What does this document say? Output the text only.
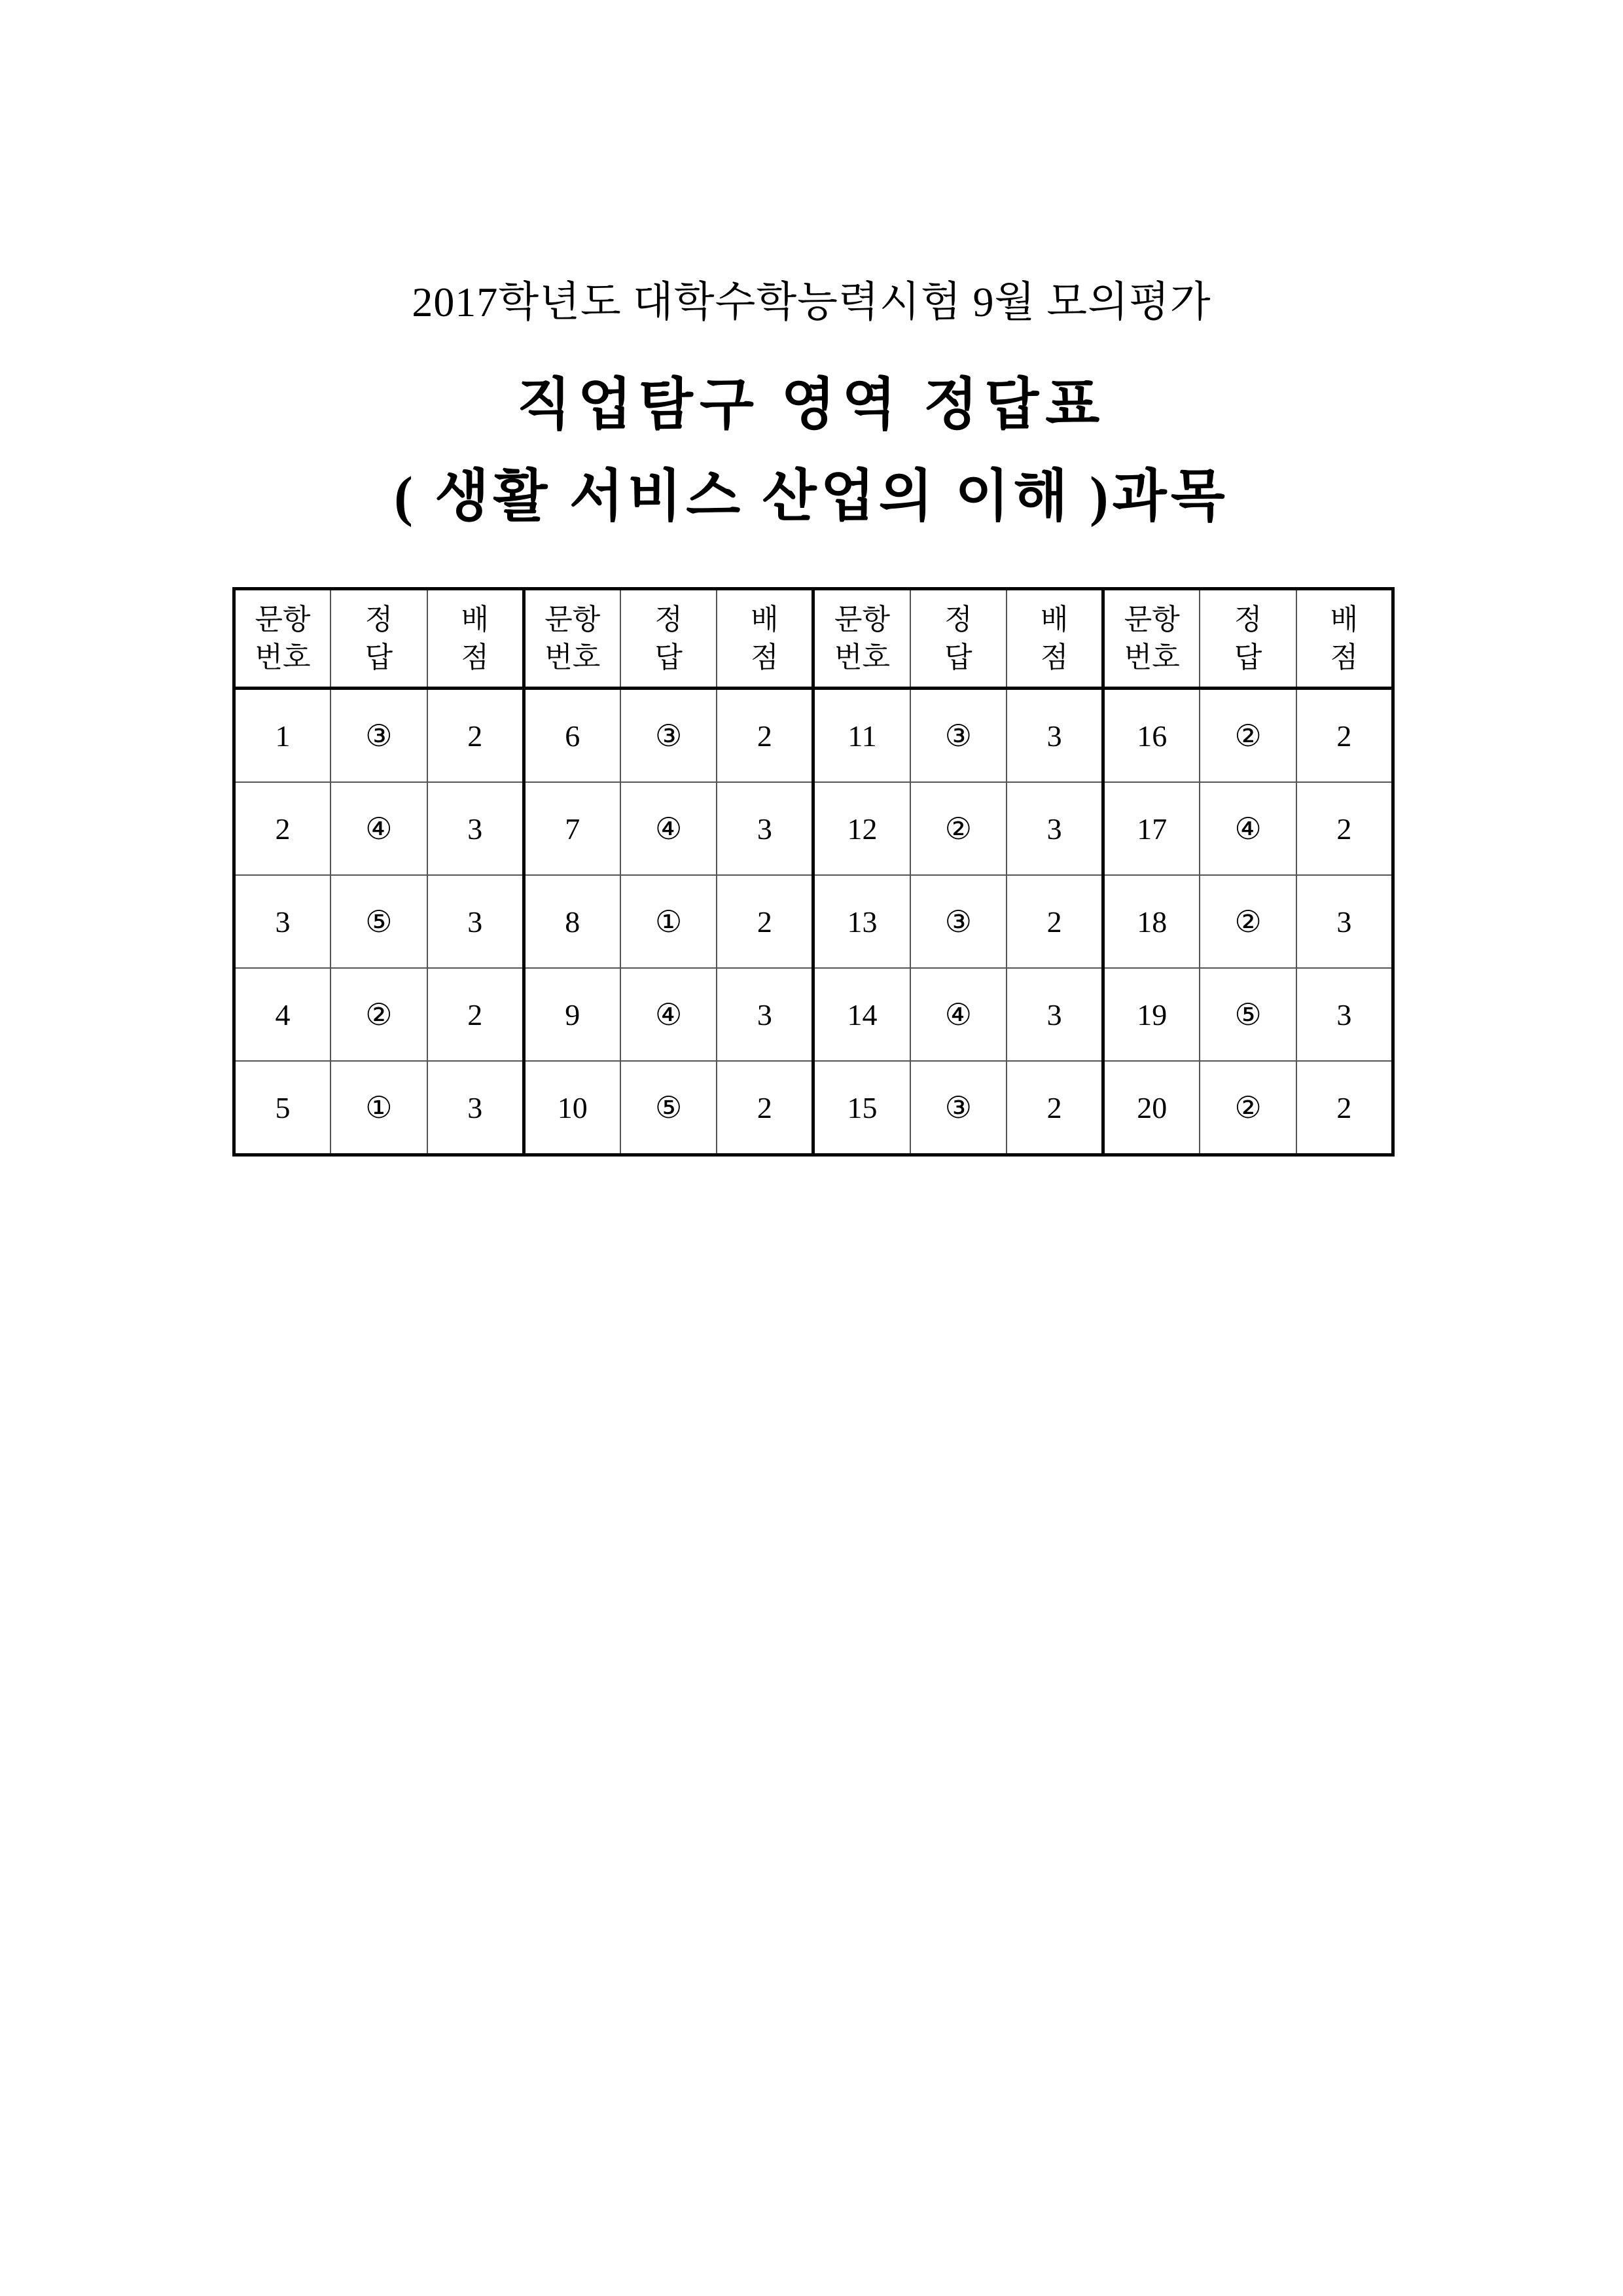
2017학년도 대학수학능력시험 9월 모의평가
직업탐구 영역 정답표
( 생활 서비스 산업의 이해 )과목
문항
번호	정 답	배 점	문항
번호	정 답	배 점	문항
번호	정 답	배 점	문항
번호	정 답	배 점
1	③	2	6	③	2	11	③	3	16	②	2
2	④	3	7	④	3	12	②	3	17	④	2
3	⑤	3	8	①	2	13	③	2	18	②	3
4	②	2	9	④	3	14	④	3	19	⑤	3
5	①	3	10	⑤	2	15	③	2	20	②	2
